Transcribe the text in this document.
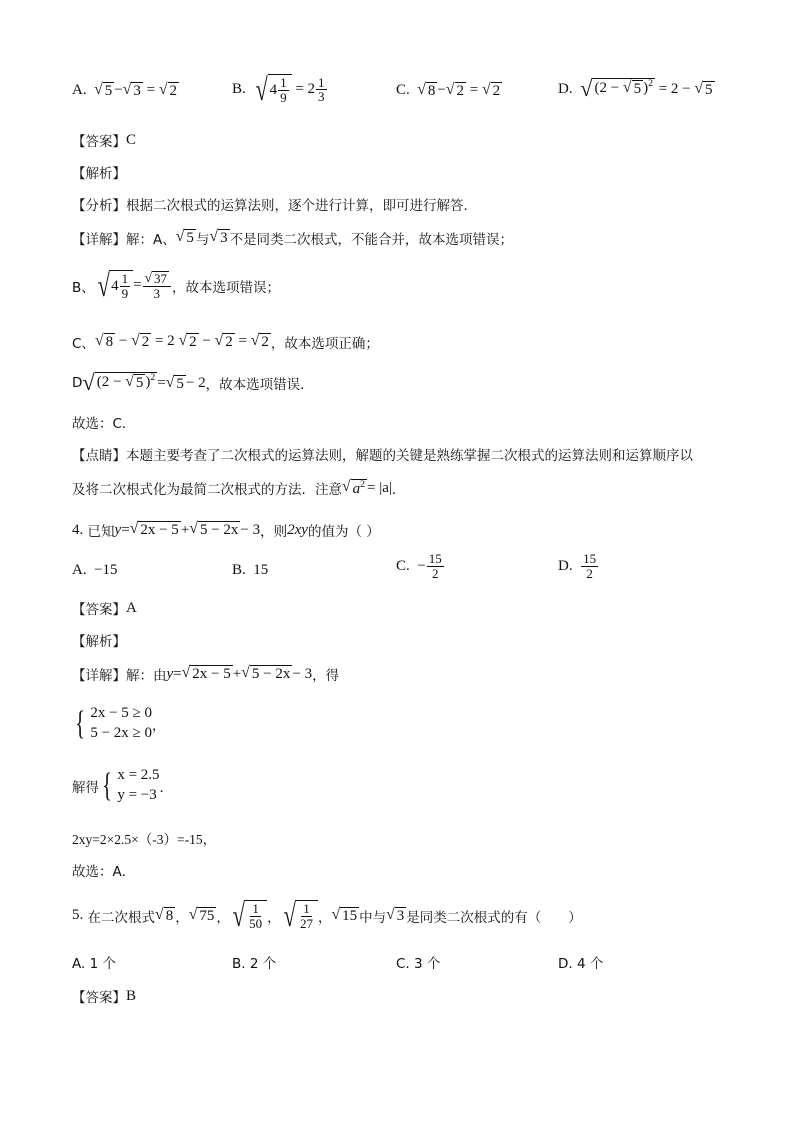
A.
√ 5 − √ 3
=
√ 2	B.
√ $4 \frac{1}{9}$
= $2 \frac{1}{3}$	C.
√ 8 − √ 2
=
√ 2	D.
√ (2 − √ 5 )$^2$
= 2 −
√ 5
【答案】 C
【解析】
【分析】 根据二次根式的运算法则，逐个进行计算，即可进行解答．
【详解】 解：A、 √ 5 与 √ 3 不是同类二次根式，不能合并，故本选项错误；
B、 √ $4 \frac{1}{9} = \frac{√ 37}{3}$ ，故本选项错误；
C、 √ 8 − √ 2 = 2 √ 2 − √ 2 = √ 2 ，故本选项正确；
D √ (2 − √ 5 )$^2$ = √ 5 − 2 ，故本选项错误．
故选：C．
【点睛】 本题主要考查了二次根式的运算法则，解题的关键是熟练掌握二次根式的运算法则和运算顺序以
及将二次根式化为最简二次根式的方法．注意 √ $a^2 = |a|$ ．
4.
已知 y = √ 2x − 5 + √ 5 − 2x − 3 ，则 2xy 的值为（ ）
A.
−15	B.
15	C.
− $\frac{15}{2}$	D.
$\frac{15}{2}$
【答案】 A
【解析】
【详解】 解：由 y = √ 2x − 5 + √ 5 − 2x − 3 ，得
{ 2x − 5 ≥ 0
5 − 2x ≥ 0 ，
解得 { x = 2.5
y = −3 ．
2xy=2×2.5×（-3）=-15，
故选：A．
5.
在二次根式 √ 8 ， √ 75 ， √ $\frac{1}{50}$ ， √ $\frac{1}{27}$ ， √ 15 中与 √ 3 是同类二次根式的有（　　）
A. 1 个	B. 2 个	C. 3 个	D. 4 个
【答案】 B
